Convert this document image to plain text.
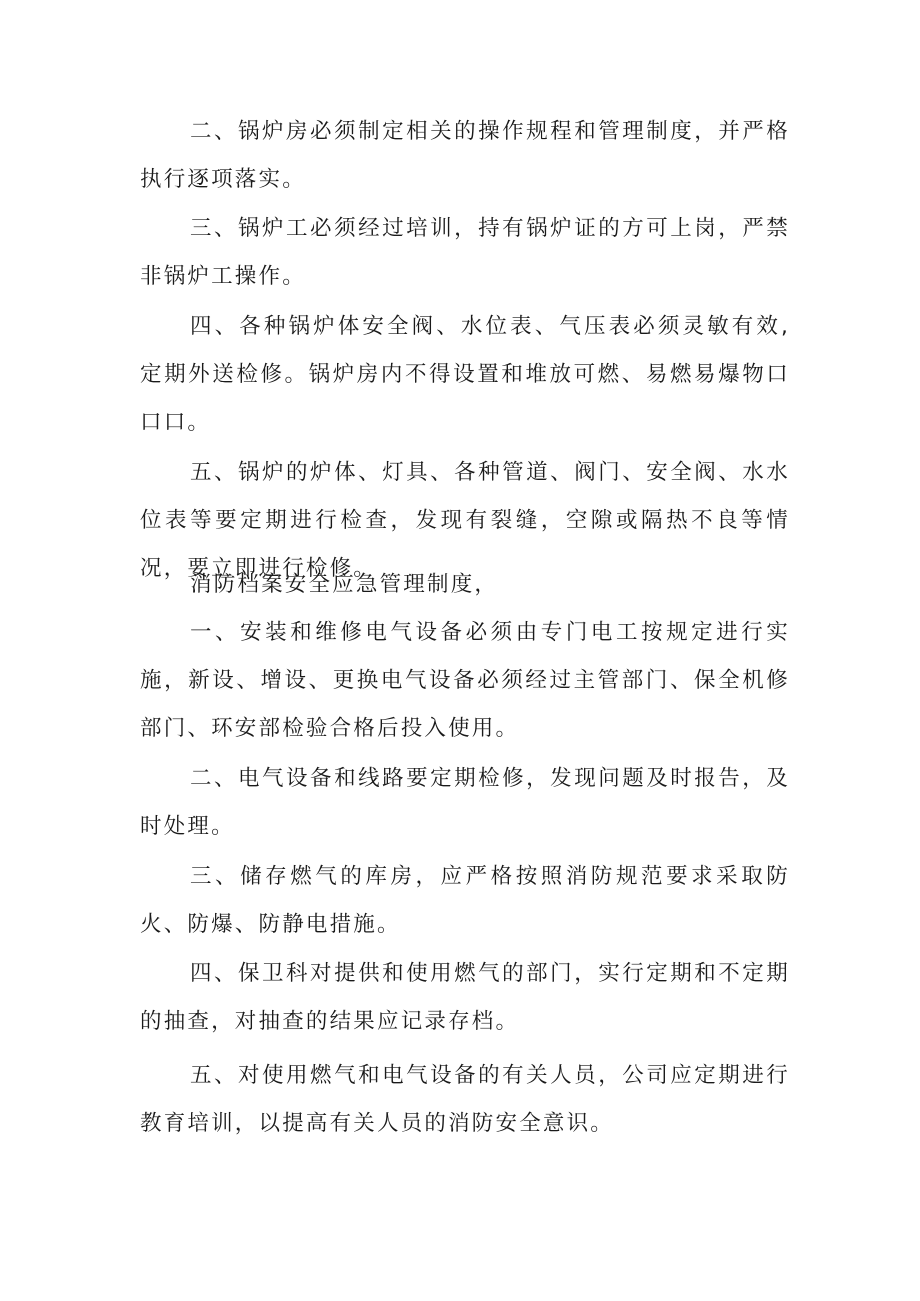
二、锅炉房必须制定相关的操作规程和管理制度，并严格执行逐项落实。

三、锅炉工必须经过培训，持有锅炉证的方可上岗，严禁非锅炉工操作。

四、各种锅炉体安全阀、水位表、气压表必须灵敏有效,定期外送检修。锅炉房内不得设置和堆放可燃、易燃易爆物口口口。

五、锅炉的炉体、灯具、各种管道、阀门、安全阀、水水位表等要定期进行检查，发现有裂缝，空隙或隔热不良等情况，要立即进行检修。

消防档案安全应急管理制度，

一、安装和维修电气设备必须由专门电工按规定进行实施，新设、增设、更换电气设备必须经过主管部门、保全机修部门、环安部检验合格后投入使用。

二、电气设备和线路要定期检修，发现问题及时报告，及时处理。

三、储存燃气的库房，应严格按照消防规范要求采取防火、防爆、防静电措施。

四、保卫科对提供和使用燃气的部门，实行定期和不定期的抽查，对抽查的结果应记录存档。

五、对使用燃气和电气设备的有关人员，公司应定期进行教育培训，以提高有关人员的消防安全意识。
